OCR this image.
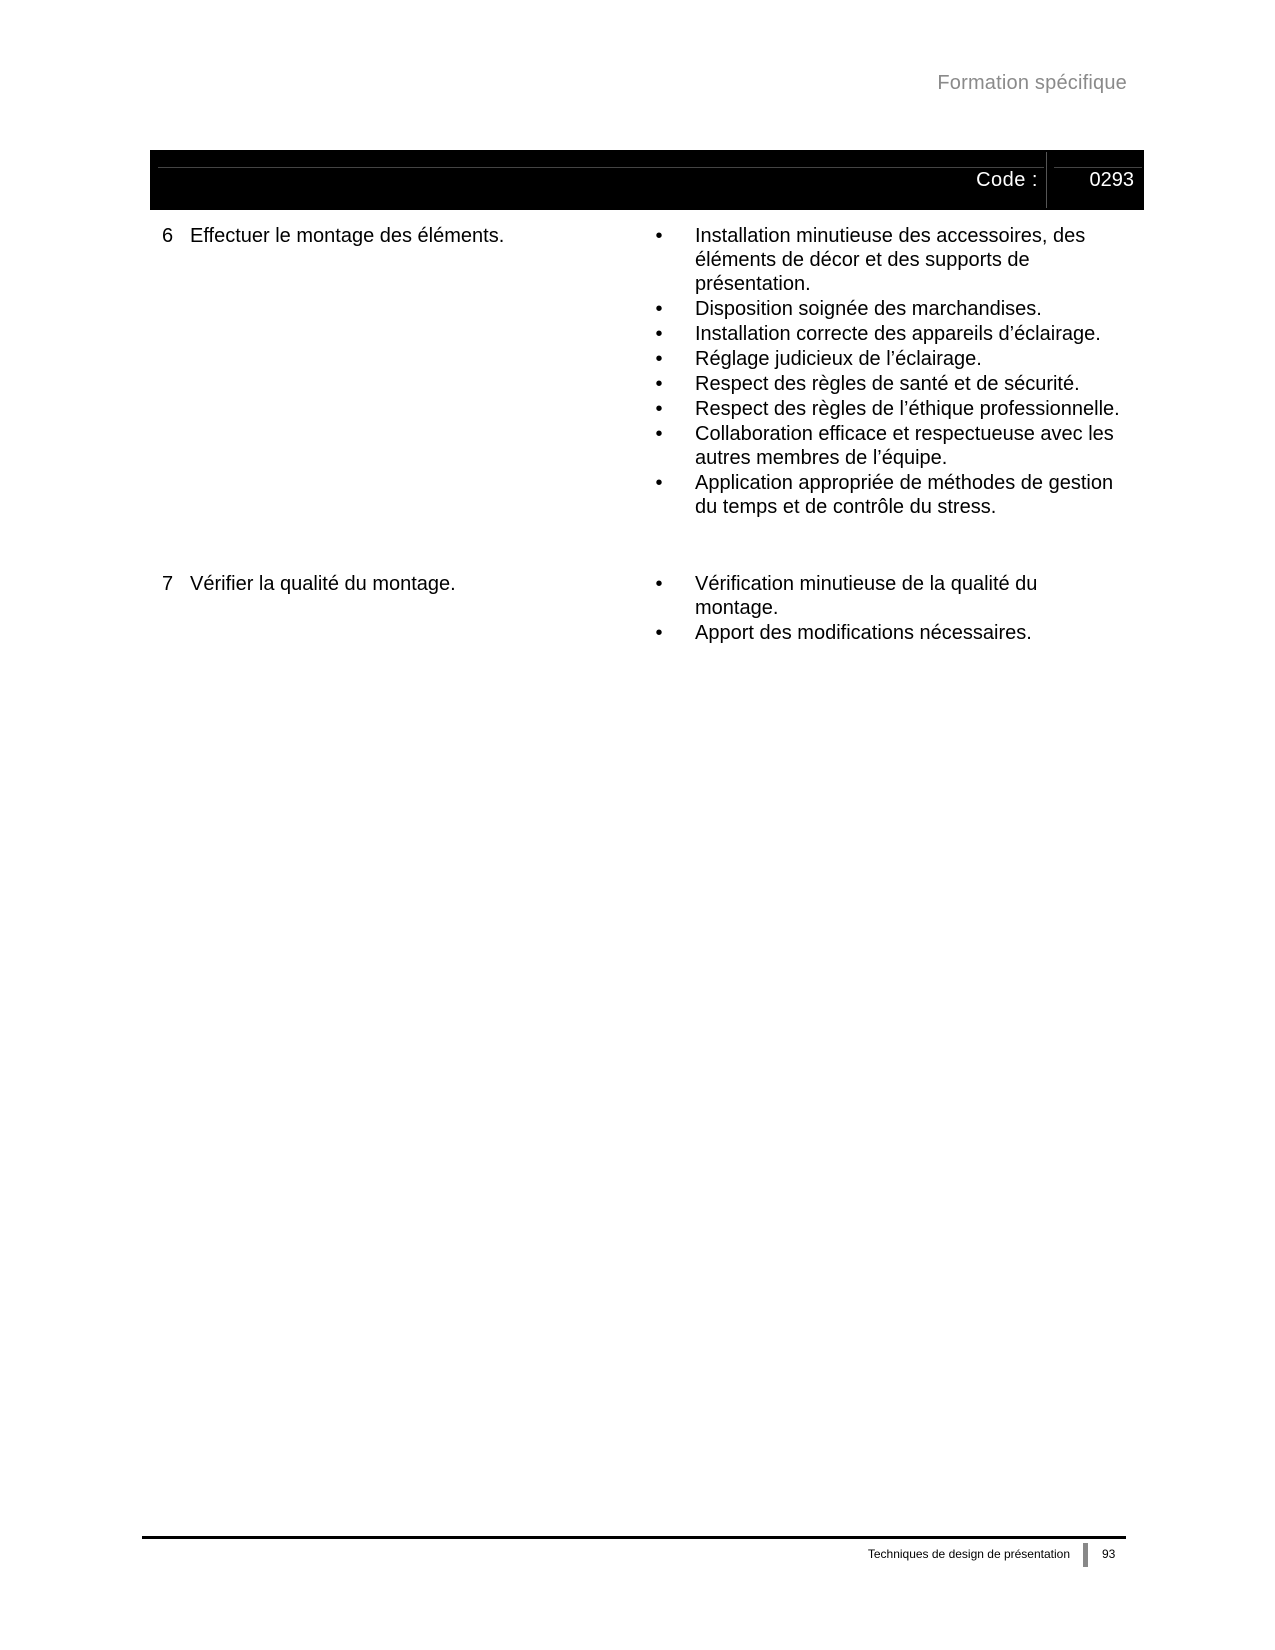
Formation spécifique
Code :	0293
6 Effectuer le montage des éléments.	• Installation minutieuse des accessoires, des éléments de décor et des supports de présentation.
• Disposition soignée des marchandises.
• Installation correcte des appareils d’éclairage.
• Réglage judicieux de l’éclairage.
• Respect des règles de santé et de sécurité.
• Respect des règles de l’éthique professionnelle.
• Collaboration efficace et respectueuse avec les autres membres de l’équipe.
• Application appropriée de méthodes de gestion du temps et de contrôle du stress.
7 Vérifier la qualité du montage.	• Vérification minutieuse de la qualité du montage.
• Apport des modifications nécessaires.
Techniques de design de présentation	93
